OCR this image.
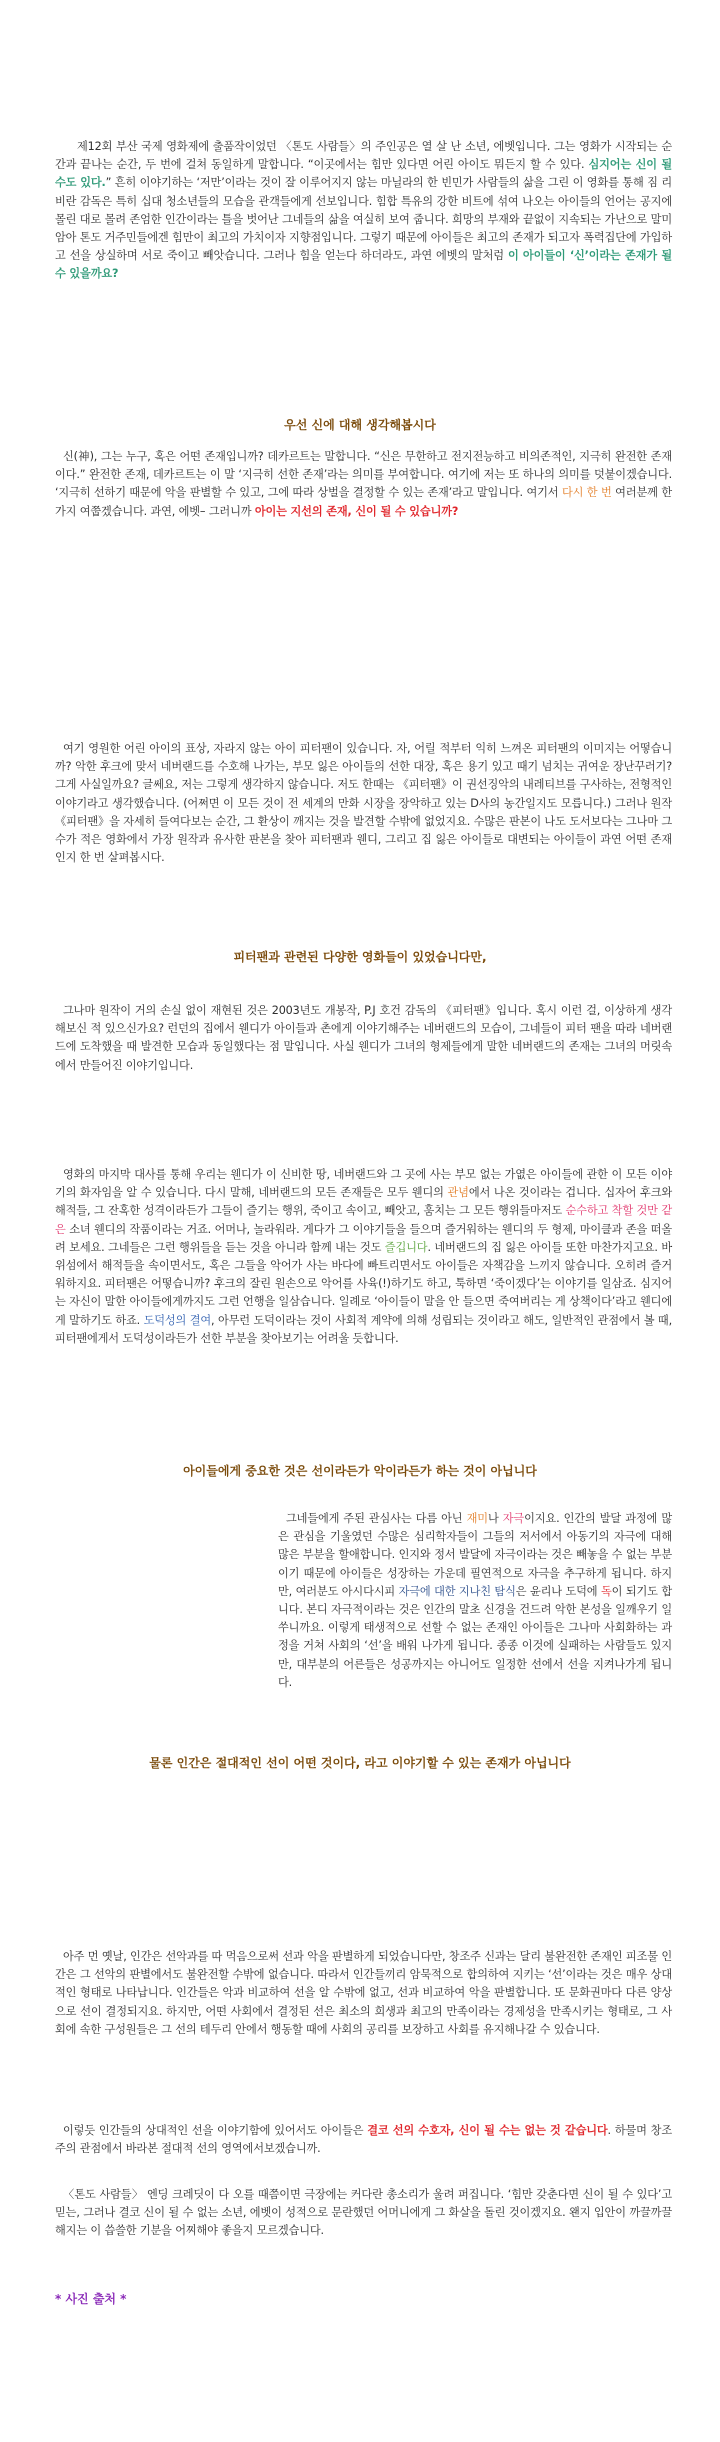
제12회 부산 국제 영화제에 출품작이었던 〈톤도 사람들〉의 주인공은 열 살 난 소년, 에벳입니다. 그는 영화가 시작되는 순간과 끝나는 순간, 두 번에 걸쳐 동일하게 말합니다. “이곳에서는 힘만 있다면 어린 아이도 뭐든지 할 수 있다. 심지어는 신이 될 수도 있다.” 흔히 이야기하는 ‘저만’이라는 것이 잘 이루어지지 않는 마닐라의 한 빈민가 사람들의 삶을 그린 이 영화를 통해 짐 리비란 감독은 특히 십대 청소년들의 모습을 관객들에게 선보입니다. 힘합 특유의 강한 비트에 섞여 나오는 아이들의 언어는 공지에 몰린 대로 몰려 존엄한 인간이라는 틀을 벗어난 그네들의 삶을 여실히 보여 줍니다. 희망의 부재와 끝없이 지속되는 가난으로 말미암아 톤도 거주민들에겐 힘만이 최고의 가치이자 지향점입니다. 그렇기 때문에 아이들은 최고의 존재가 되고자 폭력집단에 가입하고 선을 상실하며 서로 죽이고 빼앗습니다. 그러나 힘을 얻는다 하더라도, 과연 에벳의 말처럼 이 아이들이 ‘신’이라는 존재가 될 수 있을까요?
우선 신에 대해 생각해봅시다
신(神), 그는 누구, 혹은 어떤 존재입니까? 데카르트는 말합니다. “신은 무한하고 전지전능하고 비의존적인, 지극히 완전한 존재이다.” 완전한 존재, 데카르트는 이 말 ‘지극히 선한 존재’라는 의미를 부여합니다. 여기에 저는 또 하나의 의미를 덧붙이겠습니다. ‘지극히 선하기 때문에 악을 판별할 수 있고, 그에 따라 상벌을 결정할 수 있는 존재’라고 말입니다. 여기서 다시 한 번 여러분께 한 가지 여쭙겠습니다. 과연, 에벳– 그러니까 아이는 지선의 존재, 신이 될 수 있습니까?
여기 영원한 어린 아이의 표상, 자라지 않는 아이 피터팬이 있습니다. 자, 어릴 적부터 익히 느껴온 피터팬의 이미지는 어떻습니까? 악한 후크에 맞서 네버랜드를 수호해 나가는, 부모 잃은 아이들의 선한 대장, 혹은 용기 있고 때기 넘치는 귀여운 장난꾸러기? 그게 사실일까요? 글쎄요, 저는 그렇게 생각하지 않습니다. 저도 한때는 《피터팬》이 권선징악의 내레티브를 구사하는, 전형적인 이야기라고 생각했습니다. (어쩌면 이 모든 것이 전 세계의 만화 시장을 장악하고 있는 D사의 농간일지도 모릅니다.) 그러나 원작 《피터팬》을 자세히 들여다보는 순간, 그 환상이 깨지는 것을 발견할 수밖에 없었지요. 수많은 판본이 나도 도서보다는 그나마 그 수가 적은 영화에서 가장 원작과 유사한 판본을 찾아 피터팬과 웬디, 그리고 집 잃은 아이들로 대변되는 아이들이 과연 어떤 존재인지 한 번 살펴봅시다.
피터팬과 관련된 다양한 영화들이 있었습니다만,
그나마 원작이 거의 손실 없이 재현된 것은 2003년도 개봉작, P.J 호건 감독의 《피터팬》입니다. 혹시 이런 걸, 이상하게 생각해보신 적 있으신가요? 런던의 집에서 웬디가 아이들과 촌에게 이야기해주는 네버랜드의 모습이, 그네들이 피터 팬을 따라 네버랜드에 도착했을 때 발견한 모습과 동일했다는 점 말입니다. 사실 웬디가 그녀의 형제들에게 말한 네버랜드의 존재는 그녀의 머릿속에서 만들어진 이야기입니다.
영화의 마지막 대사를 통해 우리는 웬디가 이 신비한 땅, 네버랜드와 그 곳에 사는 부모 없는 가엾은 아이들에 관한 이 모든 이야기의 화자임을 알 수 있습니다. 다시 말해, 네버랜드의 모든 존재들은 모두 웬디의 관념에서 나온 것이라는 겁니다. 십자어 후크와 해적들, 그 잔혹한 성격이라든가 그들이 즐기는 행위, 죽이고 속이고, 빼앗고, 훔치는 그 모든 행위들마저도 순수하고 착할 것만 같은 소녀 웬디의 작품이라는 거죠. 어머나, 놀라워라. 게다가 그 이야기들을 들으며 즐거워하는 웬디의 두 형제, 마이클과 존을 떠올려 보세요. 그네들은 그런 행위들을 듣는 것을 아니라 함께 내는 것도 즐깁니다. 네버랜드의 집 잃은 아이들 또한 마찬가지고요. 바위섬에서 해적들을 속이면서도, 혹은 그들을 악어가 사는 바다에 빠트리면서도 아이들은 자책감을 느끼지 않습니다. 오히려 즐거워하지요. 피터팬은 어떻습니까? 후크의 잘린 원손으로 악어를 사육(!)하기도 하고, 툭하면 ‘죽이겠다’는 이야기를 일삼죠. 심지어는 자신이 말한 아이들에게까지도 그런 언행을 일삼습니다. 일례로 ‘아이들이 말을 안 들으면 죽여버리는 게 상책이다’라고 웬디에게 말하기도 하죠. 도덕성의 결여, 아무런 도덕이라는 것이 사회적 계약에 의해 성립되는 것이라고 해도, 일반적인 관점에서 볼 때, 피터팬에게서 도덕성이라든가 선한 부분을 찾아보기는 어려울 듯합니다.
아이들에게 중요한 것은 선이라든가 악이라든가 하는 것이 아닙니다
그네들에게 주된 관심사는 다름 아닌 재미나 자극이지요. 인간의 발달 과정에 많은 관심을 기울였던 수많은 심리학자들이 그들의 저서에서 아동기의 자극에 대해 많은 부분을 할애합니다. 인지와 정서 발달에 자극이라는 것은 빼놓을 수 없는 부분이기 때문에 아이들은 성장하는 가운데 필연적으로 자극을 추구하게 됩니다. 하지만, 여러분도 아시다시피 자극에 대한 지나친 탐식은 윤리나 도덕에 독이 되기도 합니다. 본디 자극적이라는 것은 인간의 말초 신경을 건드려 악한 본성을 일깨우기 일쑤니까요. 이렇게 태생적으로 선할 수 없는 존재인 아이들은 그나마 사회화하는 과정을 거쳐 사회의 ‘선’을 배워 나가게 됩니다. 종종 이것에 실패하는 사람들도 있지만, 대부분의 어른들은 성공까지는 아니어도 일정한 선에서 선을 지켜나가게 됩니다.
물론 인간은 절대적인 선이 어떤 것이다, 라고 이야기할 수 있는 존재가 아닙니다
아주 먼 옛날, 인간은 선악과를 따 먹음으로써 선과 악을 판별하게 되었습니다만, 창조주 신과는 달리 불완전한 존재인 피조물 인간은 그 선악의 판별에서도 불완전할 수밖에 없습니다. 따라서 인간들끼리 암묵적으로 합의하여 지키는 ‘선’이라는 것은 매우 상대적인 형태로 나타납니다. 인간들은 악과 비교하여 선을 알 수밖에 없고, 선과 비교하여 악을 판별합니다. 또 문화권마다 다른 양상으로 선이 결정되지요. 하지만, 어떤 사회에서 결정된 선은 최소의 희생과 최고의 만족이라는 경제성을 만족시키는 형태로, 그 사회에 속한 구성원들은 그 선의 테두리 안에서 행동할 때에 사회의 공리를 보장하고 사회를 유지해나갈 수 있습니다.
이렇듯 인간들의 상대적인 선을 이야기함에 있어서도 아이들은 결코 선의 수호자, 신이 될 수는 없는 것 같습니다. 하물며 창조주의 관점에서 바라본 절대적 선의 영역에서보겠습니까.
〈톤도 사람들〉 엔딩 크레딧이 다 오를 때쯤이면 극장에는 커다란 총소리가 울려 퍼집니다. ‘힘만 갖춘다면 신이 될 수 있다’고 믿는, 그러나 결코 신이 될 수 없는 소년, 에벳이 성적으로 문란했던 어머니에게 그 화살을 돌린 것이겠지요. 왠지 입안이 까끌까끌해지는 이 씁쓸한 기분을 어찌해야 좋을지 모르겠습니다.
* 사진 출처 *
